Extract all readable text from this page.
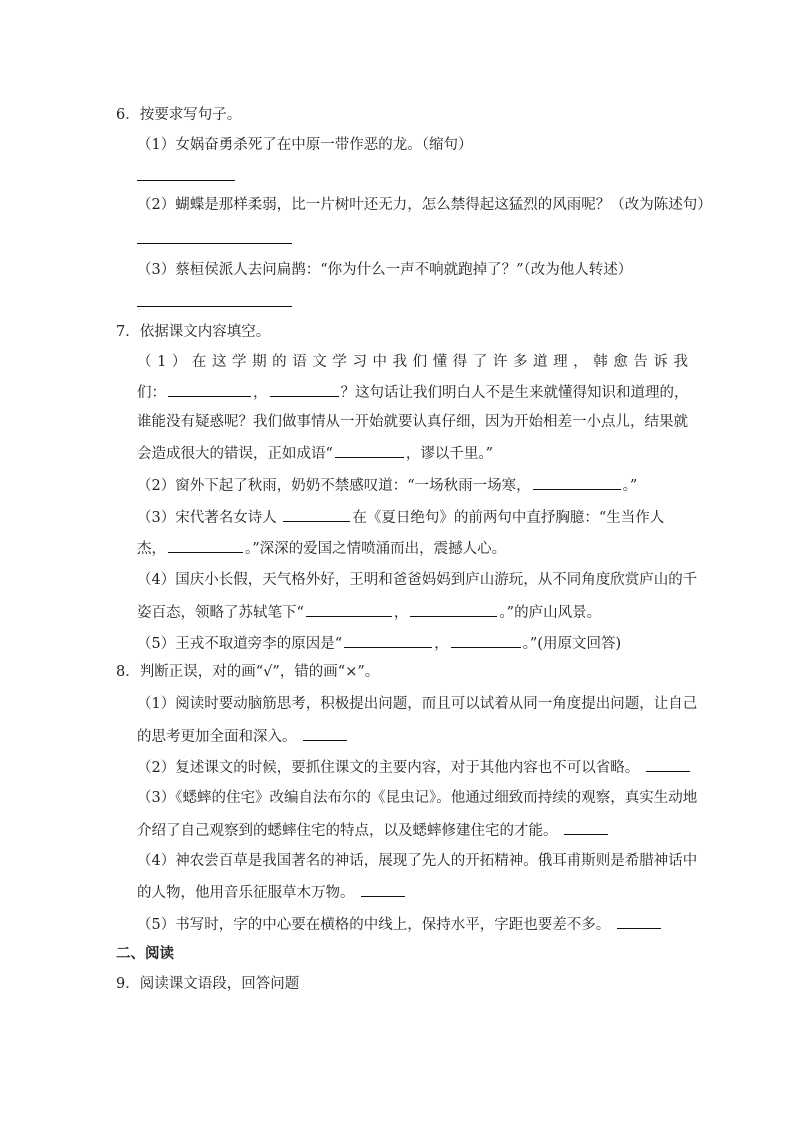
6．按要求写句子。
（1）女娲奋勇杀死了在中原一带作恶的龙。（缩句）
（2）蝴蝶是那样柔弱，比一片树叶还无力，怎么禁得起这猛烈的风雨呢？（改为陈述句）
（3）蔡桓侯派人去问扁鹊：“你为什么一声不响就跑掉了？”（改为他人转述）
7．依据课文内容填空。
（1）在这学期的语文学习中我们懂得了许多道理，韩愈告诉我
们：	，	？这句话让我们明白人不是生来就懂得知识和道理的，
谁能没有疑惑呢？我们做事情从一开始就要认真仔细，因为开始相差一小点儿，结果就
会造成很大的错误，正如成语“	，谬以千里。”
（2）窗外下起了秋雨，奶奶不禁感叹道：“一场秋雨一场寒，	。”
（3）宋代著名女诗人	在《夏日绝句》的前两句中直抒胸臆：“生当作人
杰，	。”深深的爱国之情喷涌而出，震撼人心。
（4）国庆小长假，天气格外好，王明和爸爸妈妈到庐山游玩，从不同角度欣赏庐山的千
姿百态，领略了苏轼笔下“	，	。”的庐山风景。
（5）王戎不取道旁李的原因是“	，	。”(用原文回答)
8．判断正误，对的画“√”，错的画“×”。
（1）阅读时要动脑筋思考，积极提出问题，而且可以试着从同一角度提出问题，让自己
的思考更加全面和深入。
（2）复述课文的时候，要抓住课文的主要内容，对于其他内容也不可以省略。
（3）《蟋蟀的住宅》改编自法布尔的《昆虫记》。他通过细致而持续的观察，真实生动地
介绍了自己观察到的蟋蟀住宅的特点，以及蟋蟀修建住宅的才能。
（4）神农尝百草是我国著名的神话，展现了先人的开拓精神。俄耳甫斯则是希腊神话中
的人物，他用音乐征服草木万物。
（5）书写时，字的中心要在横格的中线上，保持水平，字距也要差不多。
二、阅读
9．阅读课文语段，回答问题
